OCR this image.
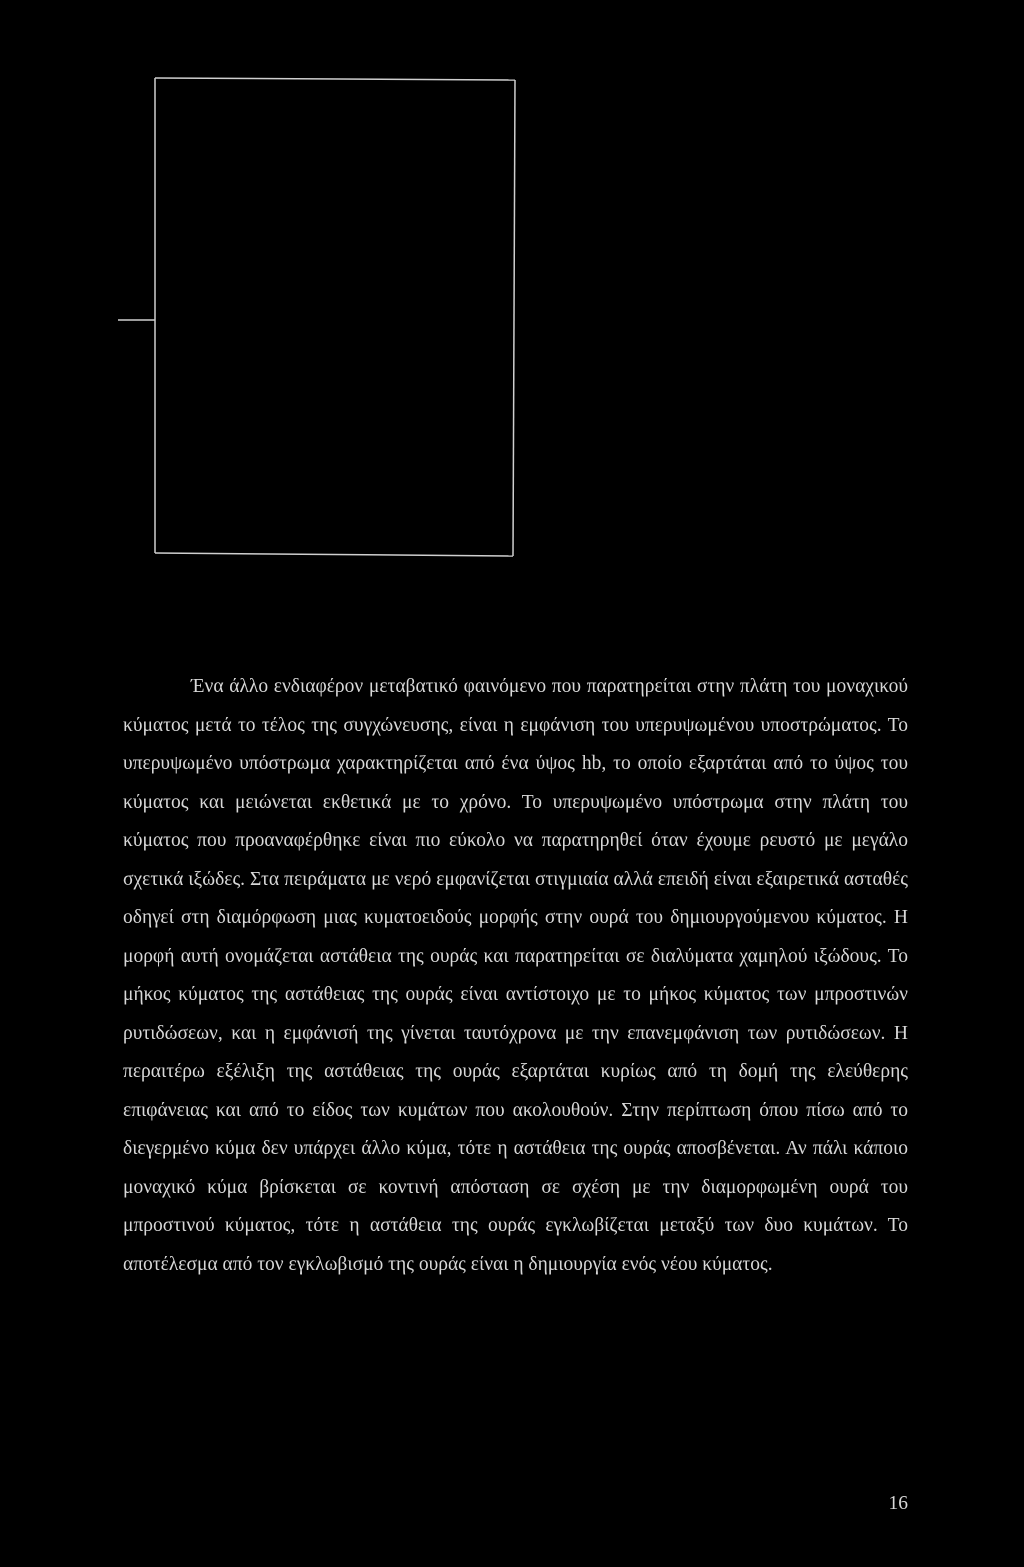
Ένα άλλο ενδιαφέρον μεταβατικό φαινόμενο που παρατηρείται στην πλάτη του μοναχικού κύματος μετά το τέλος της συγχώνευσης, είναι η εμφάνιση του υπερυψωμένου υποστρώματος. Το υπερυψωμένο υπόστρωμα χαρακτηρίζεται από ένα ύψος hb, το οποίο εξαρτάται από το ύψος του κύματος και μειώνεται εκθετικά με το χρόνο. Το υπερυψωμένο υπόστρωμα στην πλάτη του κύματος που προαναφέρθηκε είναι πιο εύκολο να παρατηρηθεί όταν έχουμε ρευστό με μεγάλο σχετικά ιξώδες. Στα πειράματα με νερό εμφανίζεται στιγμιαία αλλά επειδή είναι εξαιρετικά ασταθές οδηγεί στη διαμόρφωση μιας κυματοειδούς μορφής στην ουρά του δημιουργούμενου κύματος. Η μορφή αυτή ονομάζεται αστάθεια της ουράς και παρατηρείται σε διαλύματα χαμηλού ιξώδους. Το μήκος κύματος της αστάθειας της ουράς είναι αντίστοιχο με το μήκος κύματος των μπροστινών ρυτιδώσεων, και η εμφάνισή της γίνεται ταυτόχρονα με την επανεμφάνιση των ρυτιδώσεων. Η περαιτέρω εξέλιξη της αστάθειας της ουράς εξαρτάται κυρίως από τη δομή της ελεύθερης επιφάνειας και από το είδος των κυμάτων που ακολουθούν. Στην περίπτωση όπου πίσω από το διεγερμένο κύμα δεν υπάρχει άλλο κύμα, τότε η αστάθεια της ουράς αποσβένεται. Αν πάλι κάποιο μοναχικό κύμα βρίσκεται σε κοντινή απόσταση σε σχέση με την διαμορφωμένη ουρά του μπροστινού κύματος, τότε η αστάθεια της ουράς εγκλωβίζεται μεταξύ των δυο κυμάτων. Το αποτέλεσμα από τον εγκλωβισμό της ουράς είναι η δημιουργία ενός νέου κύματος.

16
